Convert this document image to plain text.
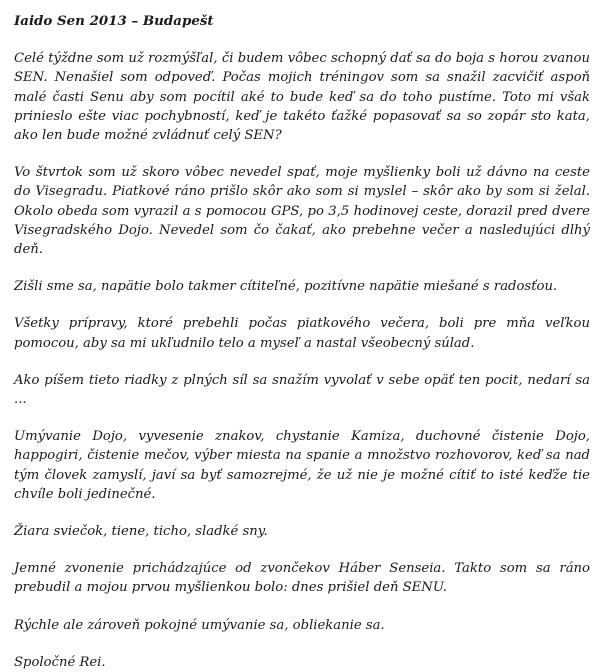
Iaido Sen 2013 – Budapešt
Celé týždne som už rozmýšľal, či budem vôbec schopný dať sa do boja s horou zvanou SEN. Nenašiel som odpoveď. Počas mojich tréningov som sa snažil zacvičiť aspoň malé časti Senu aby som pocítil aké to bude keď sa do toho pustíme. Toto mi však prinieslo ešte viac pochybností, keď je takéto ťažké popasovať sa so zopár sto kata, ako len bude možné zvládnuť celý SEN?
Vo štvrtok som už skoro vôbec nevedel spať, moje myšlienky boli už dávno na ceste do Visegradu. Piatkové ráno prišlo skôr ako som si myslel – skôr ako by som si želal. Okolo obeda som vyrazil a s pomocou GPS, po 3,5 hodinovej ceste, dorazil pred dvere Visegradského Dojo. Nevedel som čo čakať, ako prebehne večer a nasledujúci dlhý deň.
Zišli sme sa, napätie bolo takmer cítiteľné, pozitívne napätie miešané s radosťou.
Všetky prípravy, ktoré prebehli počas piatkového večera, boli pre mňa veľkou pomocou, aby sa mi ukľudnilo telo a myseľ a nastal všeobecný súlad.
Ako píšem tieto riadky z plných síl sa snažím vyvolať v sebe opäť ten pocit, nedarí sa ...
Umývanie Dojo, vyvesenie znakov, chystanie Kamiza, duchovné čistenie Dojo, happogiri, čistenie mečov, výber miesta na spanie a množstvo rozhovorov, keď sa nad tým človek zamyslí, javí sa byť samozrejmé, že už nie je možné cítiť to isté keďže tie chvíle boli jedinečné.
Žiara sviečok, tiene, ticho, sladké sny.
Jemné zvonenie prichádzajúce od zvončekov Háber Senseia. Takto som sa ráno prebudil a mojou prvou myšlienkou bolo: dnes prišiel deň SENU.
Rýchle ale zároveň pokojné umývanie sa, obliekanie sa.
Spoločné Rei.
